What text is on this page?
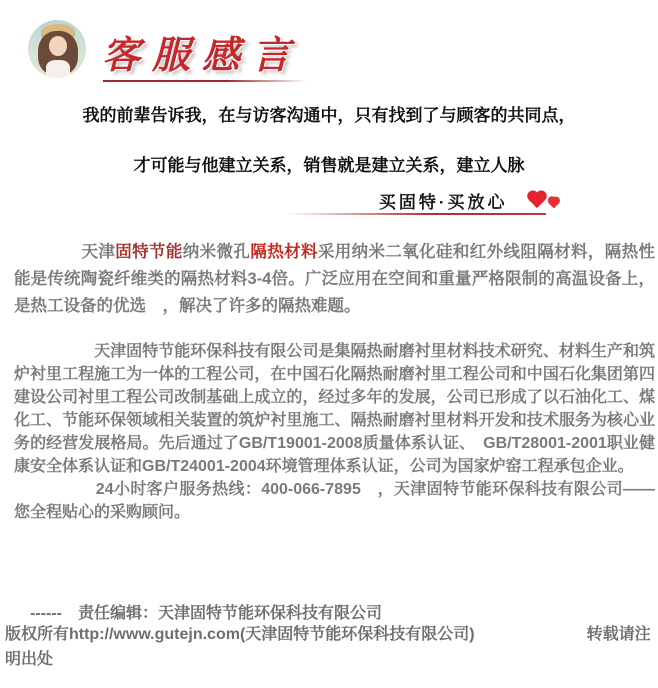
客服感言

我的前辈告诉我，在与访客沟通中，只有找到了与顾客的共同点，

才可能与他建立关系，销售就是建立关系，建立人脉

买固特·买放心
　　　　天津固特节能纳米微孔隔热材料采用纳米二氧化硅和红外线阻隔材料，隔热性能是传统陶瓷纤维类的隔热材料3-4倍。广泛应用在空间和重量严格限制的高温设备上，是热工设备的优选　，解决了许多的隔热难题。

　　　　　天津固特节能环保科技有限公司是集隔热耐磨衬里材料技术研究、材料生产和筑炉衬里工程施工为一体的工程公司，在中国石化隔热耐磨衬里工程公司和中国石化集团第四建设公司衬里工程公司改制基础上成立的，经过多年的发展，公司已形成了以石油化工、煤化工、节能环保领域相关装置的筑炉衬里施工、隔热耐磨衬里材料开发和技术服务为核心业务的经营发展格局。先后通过了GB/T19001-2008质量体系认证、　GB/T28001-2001职业健康安全体系认证和GB/T24001-2004环境管理体系认证，公司为国家炉窑工程承包企业。

　　　　　24小时客户服务热线：400-066-7895　，天津固特节能环保科技有限公司——您全程贴心的采购顾问。

------　责任编辑：天津固特节能环保科技有限公司
版权所有http://www.gutejn.com(天津固特节能环保科技有限公司)	转载请注明出处
